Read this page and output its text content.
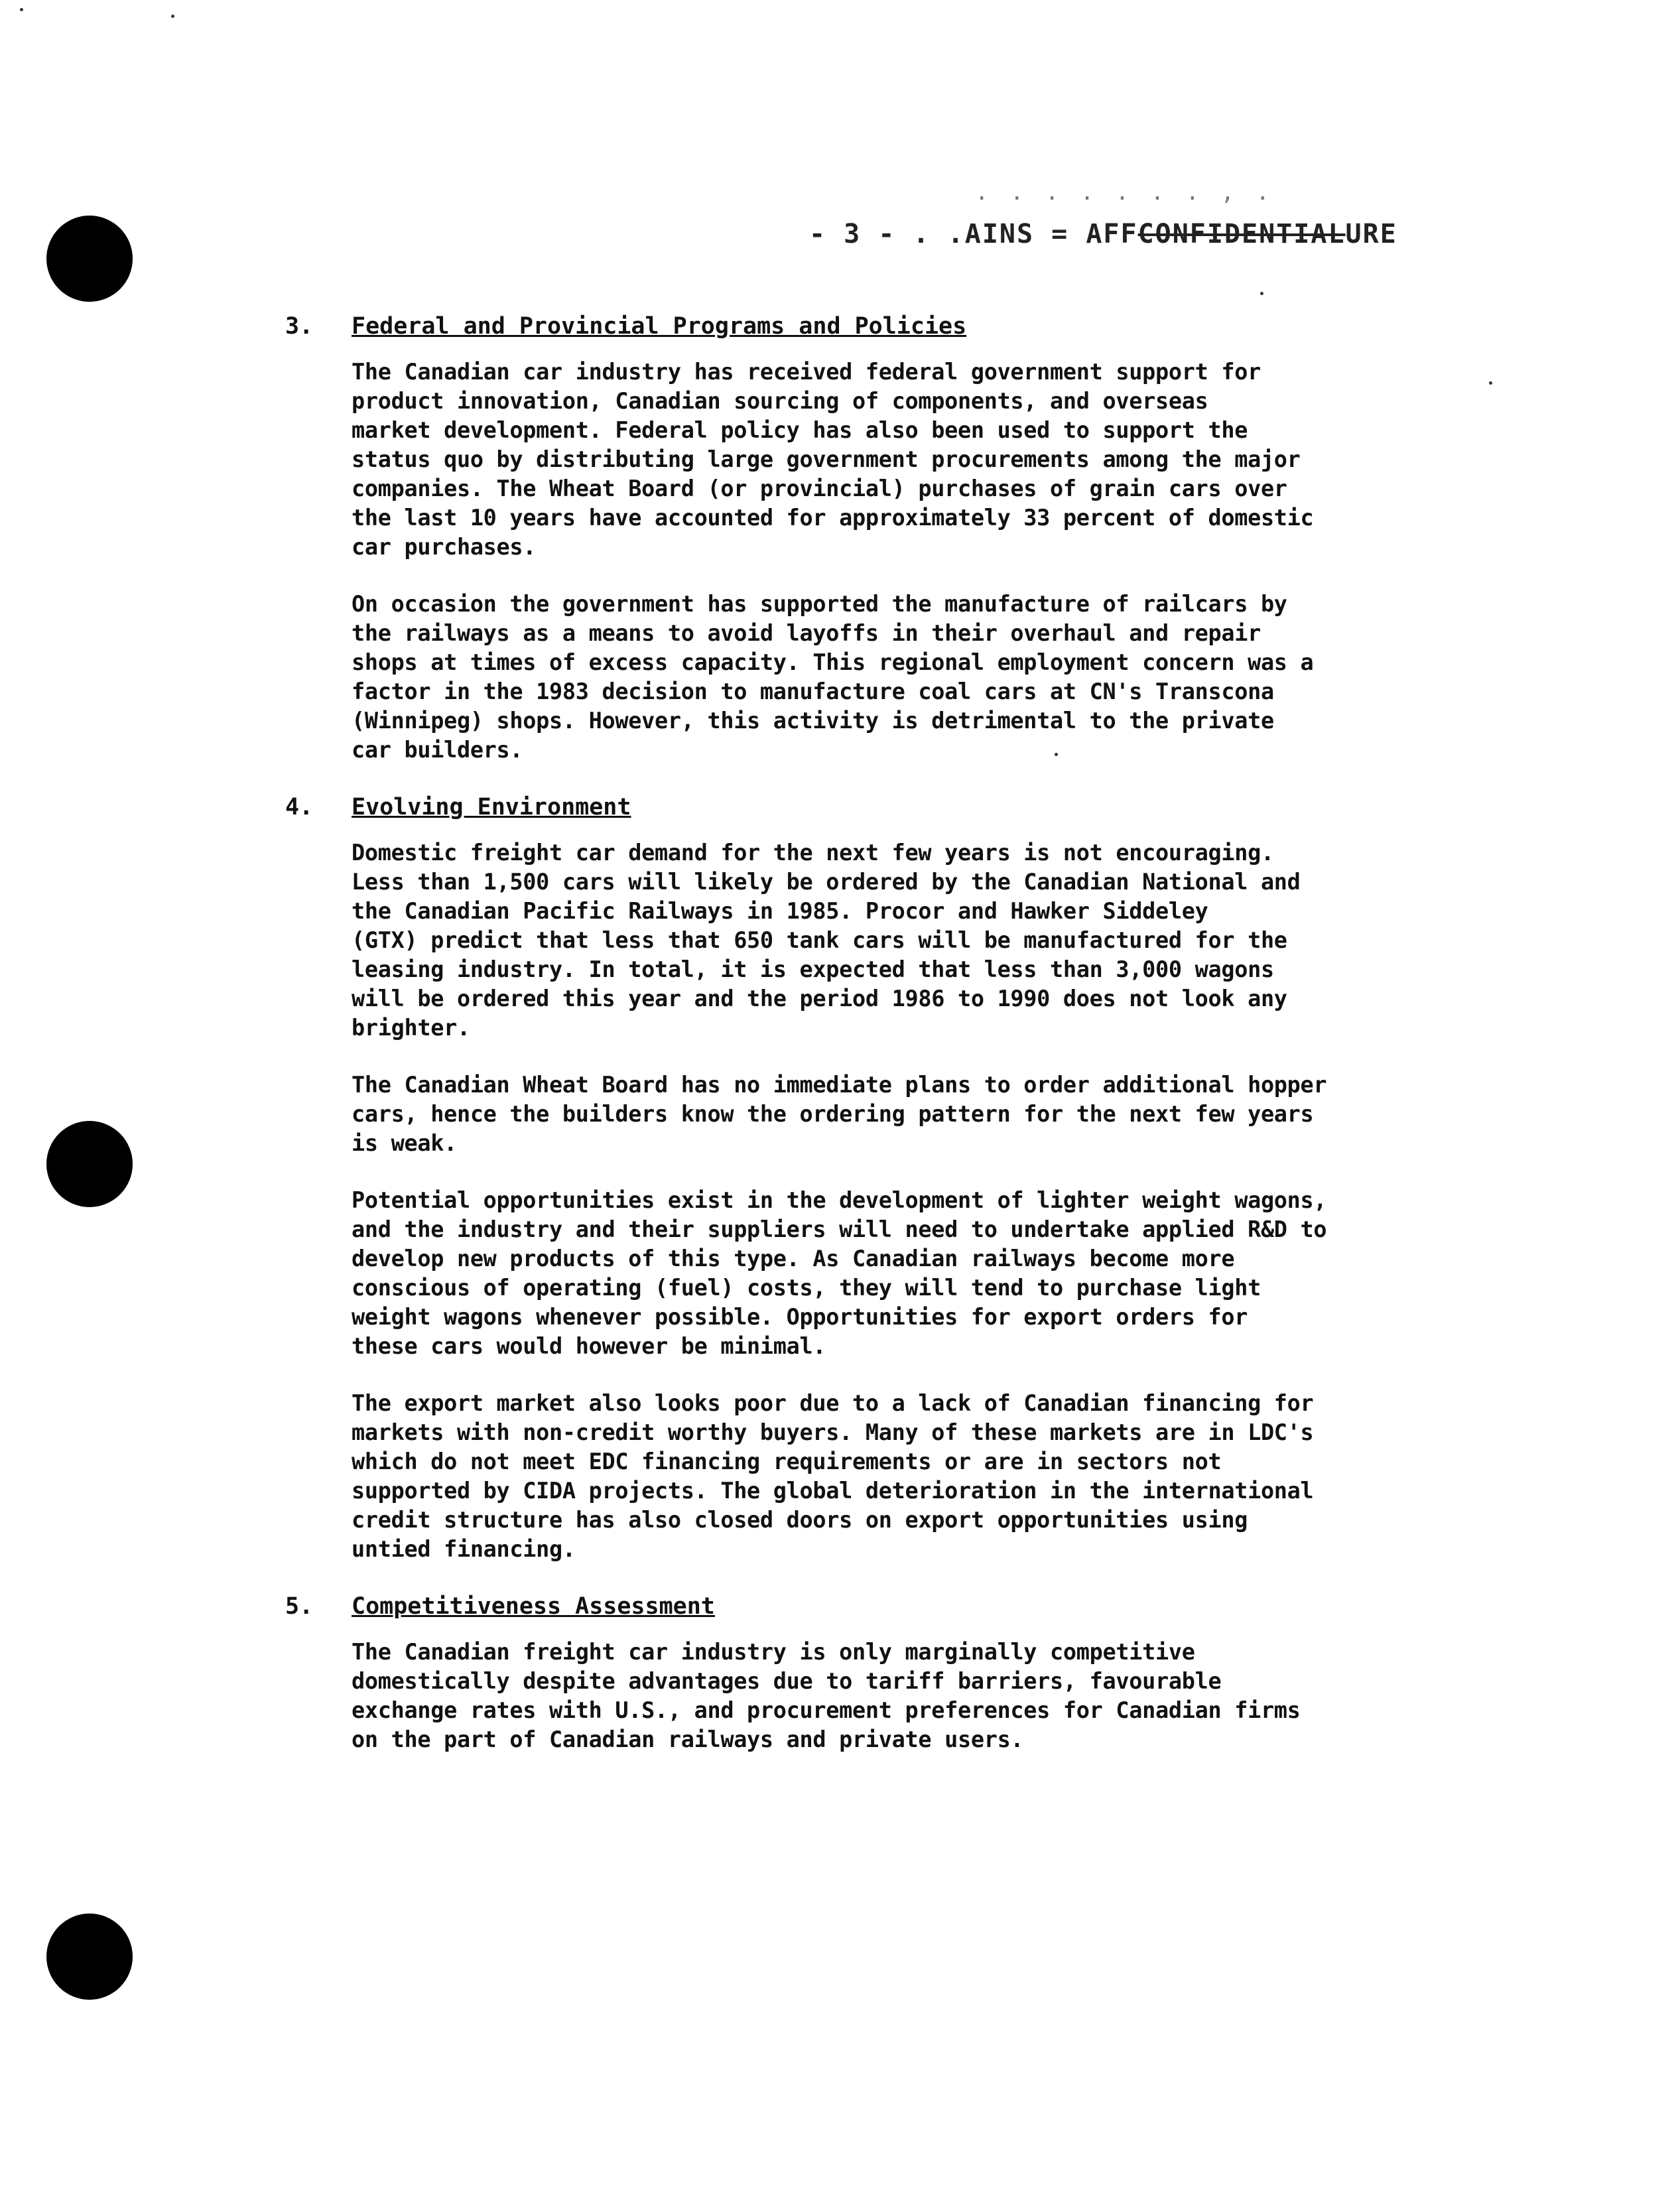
. . . . . . . , .
- 3 - . .AINS = AFFCONFIDENTIALURE
3. Federal and Provincial Programs and Policies

The Canadian car industry has received federal government support for
product innovation, Canadian sourcing of components, and overseas
market development. Federal policy has also been used to support the
status quo by distributing large government procurements among the major
companies. The Wheat Board (or provincial) purchases of grain cars over
the last 10 years have accounted for approximately 33 percent of domestic
car purchases.

On occasion the government has supported the manufacture of railcars by
the railways as a means to avoid layoffs in their overhaul and repair
shops at times of excess capacity. This regional employment concern was a
factor in the 1983 decision to manufacture coal cars at CN's Transcona
(Winnipeg) shops. However, this activity is detrimental to the private
car builders.

4. Evolving Environment

Domestic freight car demand for the next few years is not encouraging.
Less than 1,500 cars will likely be ordered by the Canadian National and
the Canadian Pacific Railways in 1985. Procor and Hawker Siddeley
(GTX) predict that less that 650 tank cars will be manufactured for the
leasing industry. In total, it is expected that less than 3,000 wagons
will be ordered this year and the period 1986 to 1990 does not look any
brighter.

The Canadian Wheat Board has no immediate plans to order additional hopper
cars, hence the builders know the ordering pattern for the next few years
is weak.

Potential opportunities exist in the development of lighter weight wagons,
and the industry and their suppliers will need to undertake applied R&D to
develop new products of this type. As Canadian railways become more
conscious of operating (fuel) costs, they will tend to purchase light
weight wagons whenever possible. Opportunities for export orders for
these cars would however be minimal.

The export market also looks poor due to a lack of Canadian financing for
markets with non-credit worthy buyers. Many of these markets are in LDC's
which do not meet EDC financing requirements or are in sectors not
supported by CIDA projects. The global deterioration in the international
credit structure has also closed doors on export opportunities using
untied financing.

5. Competitiveness Assessment

The Canadian freight car industry is only marginally competitive
domestically despite advantages due to tariff barriers, favourable
exchange rates with U.S., and procurement preferences for Canadian firms
on the part of Canadian railways and private users.
